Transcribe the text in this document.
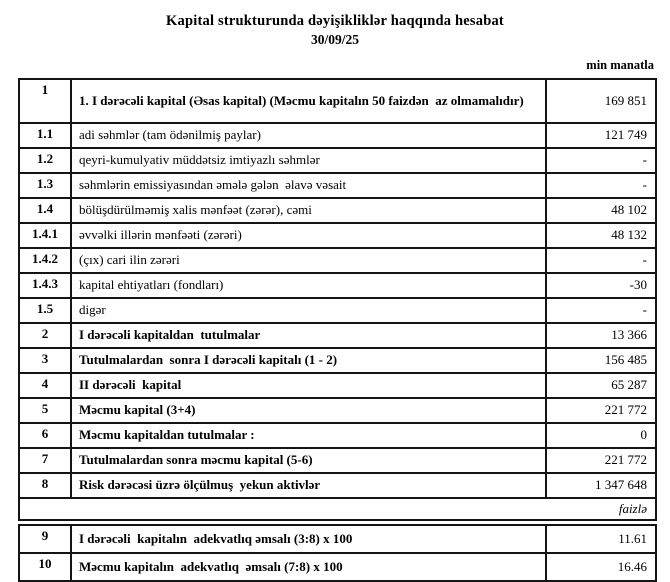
Kapital strukturunda dəyişikliklər haqqında hesabat
30/09/25
min manatla
1	1. I dərəcəli kapital (Əsas kapital) (Məcmu kapitalın 50 faizdən  az olmamalıdır)	169 851
1.1	adi səhmlər (tam ödənilmiş paylar)	121 749
1.2	qeyri-kumulyativ müddətsiz imtiyazlı səhmlər	-
1.3	səhmlərin emissiyasından əmələ gələn  əlavə vəsait	-
1.4	bölüşdürülməmiş xalis mənfəət (zərər), cəmi	48 102
1.4.1	əvvəlki illərin mənfəəti (zərəri)	48 132
1.4.2	(çıx) cari ilin zərəri	-
1.4.3	kapital ehtiyatları (fondları)	-30
1.5	digər	-
2	I dərəcəli kapitaldan  tutulmalar	13 366
3	Tutulmalardan  sonra I dərəcəli kapitalı (1 - 2)	156 485
4	II dərəcəli  kapital	65 287
5	Məcmu kapital (3+4)	221 772
6	Məcmu kapitaldan tutulmalar :	0
7	Tutulmalardan sonra məcmu kapital (5-6)	221 772
8	Risk dərəcəsi üzrə ölçülmuş  yekun aktivlər	1 347 648
faizlə		
9	I dərəcəli  kapitalın  adekvatlıq əmsalı (3:8) x 100	11.61
10	Məcmu kapitalın  adekvatlıq  əmsalı (7:8) x 100	16.46
